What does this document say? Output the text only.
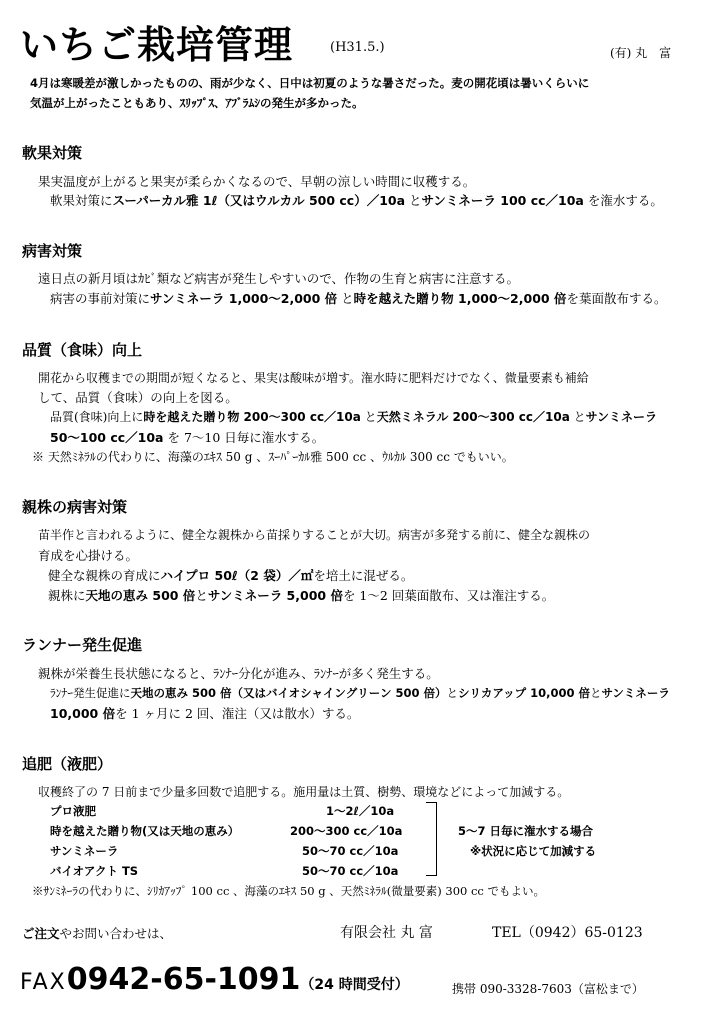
いちご栽培管理	(H31.5.)	(有) 丸　富
4月は寒暖差が激しかったものの、雨が少なく、日中は初夏のような暑さだった。麦の開花頃は暑いくらいに
気温が上がったこともあり、ｽﾘｯﾌﾟｽ、ｱﾌﾞﾗﾑｼの発生が多かった。
軟果対策
果実温度が上がると果実が柔らかくなるので、早朝の涼しい時間に収穫する。
軟果対策にスーパーカル雅 1ℓ（又はウルカル 500 cc）／10a とサンミネーラ 100 cc／10a を潅水する。
病害対策
遠日点の新月頃はｶﾋﾞ類など病害が発生しやすいので、作物の生育と病害に注意する。
病害の事前対策にサンミネーラ 1,000～2,000 倍 と時を越えた贈り物 1,000～2,000 倍を葉面散布する。
品質（食味）向上
開花から収穫までの期間が短くなると、果実は酸味が増す。潅水時に肥料だけでなく、微量要素も補給
して、品質（食味）の向上を図る。
品質(食味)向上に時を越えた贈り物 200～300 cc／10a と天然ミネラル 200～300 cc／10a とサンミネーラ
50～100 cc／10a を 7～10 日毎に潅水する。
※ 天然ﾐﾈﾗﾙの代わりに、海藻のｴｷｽ 50 g 、ｽｰﾊﾟｰｶﾙ雅 500 cc 、ｳﾙｶﾙ 300 cc でもいい。
親株の病害対策
苗半作と言われるように、健全な親株から苗採りすることが大切。病害が多発する前に、健全な親株の
育成を心掛ける。
健全な親株の育成にハイプロ 50ℓ（2 袋）／㎡を培土に混ぜる。
親株に天地の恵み 500 倍とサンミネーラ 5,000 倍を 1～2 回葉面散布、又は潅注する。
ランナー発生促進
親株が栄養生長状態になると、ﾗﾝﾅｰ分化が進み、ﾗﾝﾅｰが多く発生する。
ﾗﾝﾅｰ発生促進に天地の恵み 500 倍（又はバイオシャイングリーン 500 倍）とシリカアップ 10,000 倍とサンミネーラ
10,000 倍を 1 ヶ月に 2 回、潅注（又は散水）する。
追肥（液肥）
収穫終了の 7 日前まで少量多回数で追肥する。施用量は土質、樹勢、環境などによって加減する。
プロ液肥	1～2ℓ／10a
時を越えた贈り物(又は天地の恵み）	200～300 cc／10a
サンミネーラ	50～70 cc／10a
バイオアクト TS	50～70 cc／10a
5～7 日毎に潅水する場合
※状況に応じて加減する
※ｻﾝﾐﾈｰﾗの代わりに、ｼﾘｶｱｯﾌﾟ 100 cc 、海藻のｴｷｽ 50 g 、天然ﾐﾈﾗﾙ(微量要素) 300 cc でもよい。
ご注文やお問い合わせは、	有限会社 丸 富	TEL（0942）65-0123
FAX0942-65-1091（24 時間受付）	携帯 090-3328-7603（富松まで）
